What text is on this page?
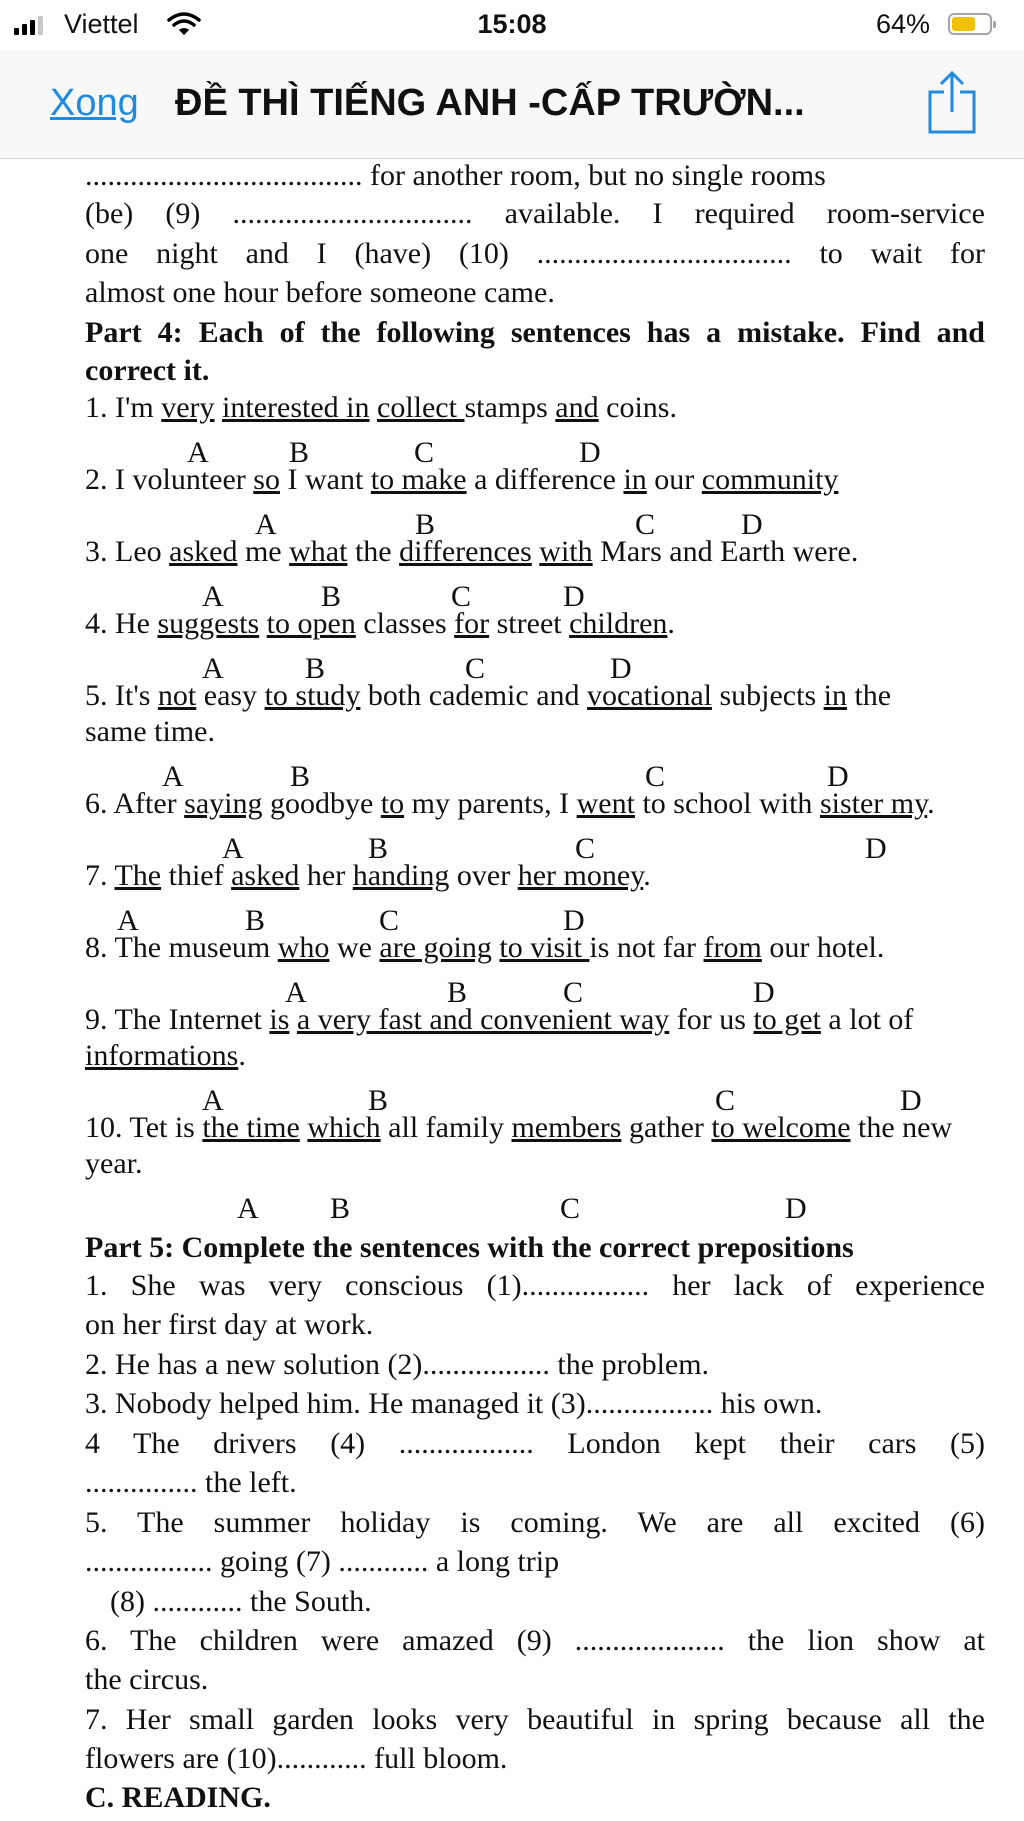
Viettel	15:08	64%
Xong ĐỀ THÌ TIẾNG ANH -CẤP TRƯỜN...
..................................... for another room, but no single rooms
(be) (9) ................................ available. I required room-service
one night and I (have) (10) .................................. to wait for
almost one hour before someone came.
Part 4: Each of the following sentences has a mistake. Find and
correct it.
1. I'm very interested in collect stamps and coins.
A	B	C	D
2. I volunteer so I want to make a difference in our community
A	B	C	D
3. Leo asked me what the differences with Mars and Earth were.
A	B	C	D
4. He suggests to open classes for street children.
A	B	C	D
5. It's not easy to study both cademic and vocational subjects in the
same time.
A	B	C	D
6. After saying goodbye to my parents, I went to school with sister my.
A	B	C	D
7. The thief asked her handing over her money.
A	B	C	D
8. The museum who we are going to visit is not far from our hotel.
A	B	C	D
9. The Internet is a very fast and convenient way for us to get a lot of
informations.
A	B	C	D
10. Tet is the time which all family members gather to welcome the new
year.
A B	C	D
Part 5: Complete the sentences with the correct prepositions
1. She was very conscious (1)................. her lack of experience
on her first day at work.
2. He has a new solution (2)................. the problem.
3. Nobody helped him. He managed it (3)................. his own.
4 The drivers (4) .................. London kept their cars (5)
............... the left.
5. The summer holiday is coming. We are all excited (6)
................. going (7) ............ a long trip
(8) ............ the South.
6. The children were amazed (9) .................... the lion show at
the circus.
7. Her small garden looks very beautiful in spring because all the
flowers are (10)............ full bloom.
C. READING.
